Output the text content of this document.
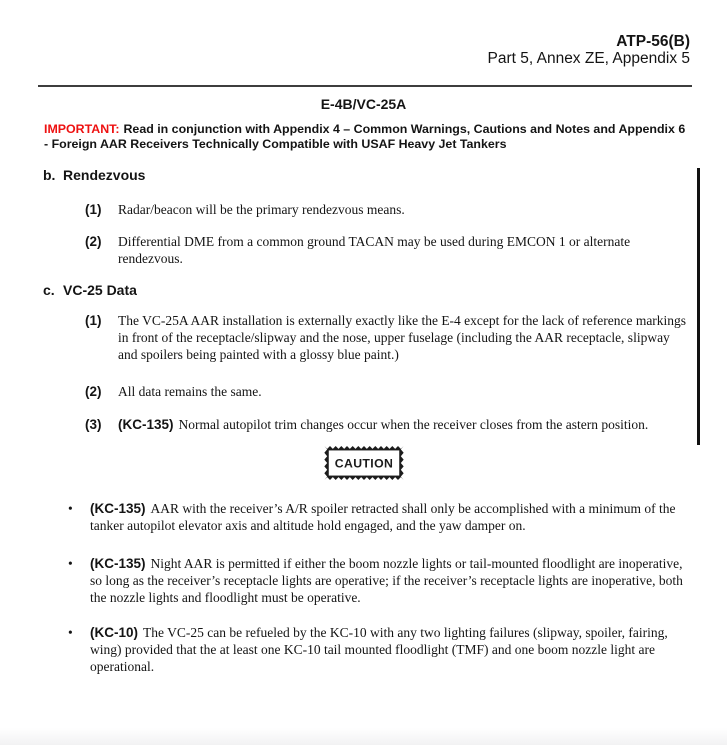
ATP-56(B)
Part 5, Annex ZE, Appendix 5
E-4B/VC-25A

IMPORTANT: Read in conjunction with Appendix 4 – Common Warnings, Cautions and Notes and Appendix 6 - Foreign AAR Receivers Technically Compatible with USAF Heavy Jet Tankers

b. Rendezvous
(1)	Radar/beacon will be the primary rendezvous means.
(2)	Differential DME from a common ground TACAN may be used during EMCON 1 or alternate rendezvous.
c. VC-25 Data
(1)	The VC-25A AAR installation is externally exactly like the E-4 except for the lack of reference markings in front of the receptacle/slipway and the nose, upper fuselage (including the AAR receptacle, slipway and spoilers being painted with a glossy blue paint.)
(2)	All data remains the same.
(3)	(KC-135) Normal autopilot trim changes occur when the receiver closes from the astern position.
CAUTION
•	(KC-135) AAR with the receiver’s A/R spoiler retracted shall only be accomplished with a minimum of the tanker autopilot elevator axis and altitude hold engaged, and the yaw damper on.
•	(KC-135) Night AAR is permitted if either the boom nozzle lights or tail-mounted floodlight are inoperative, so long as the receiver’s receptacle lights are operative; if the receiver’s receptacle lights are inoperative, both the nozzle lights and floodlight must be operative.
•	(KC-10) The VC-25 can be refueled by the KC-10 with any two lighting failures (slipway, spoiler, fairing, wing) provided that the at least one KC-10 tail mounted floodlight (TMF) and one boom nozzle light are operational.
